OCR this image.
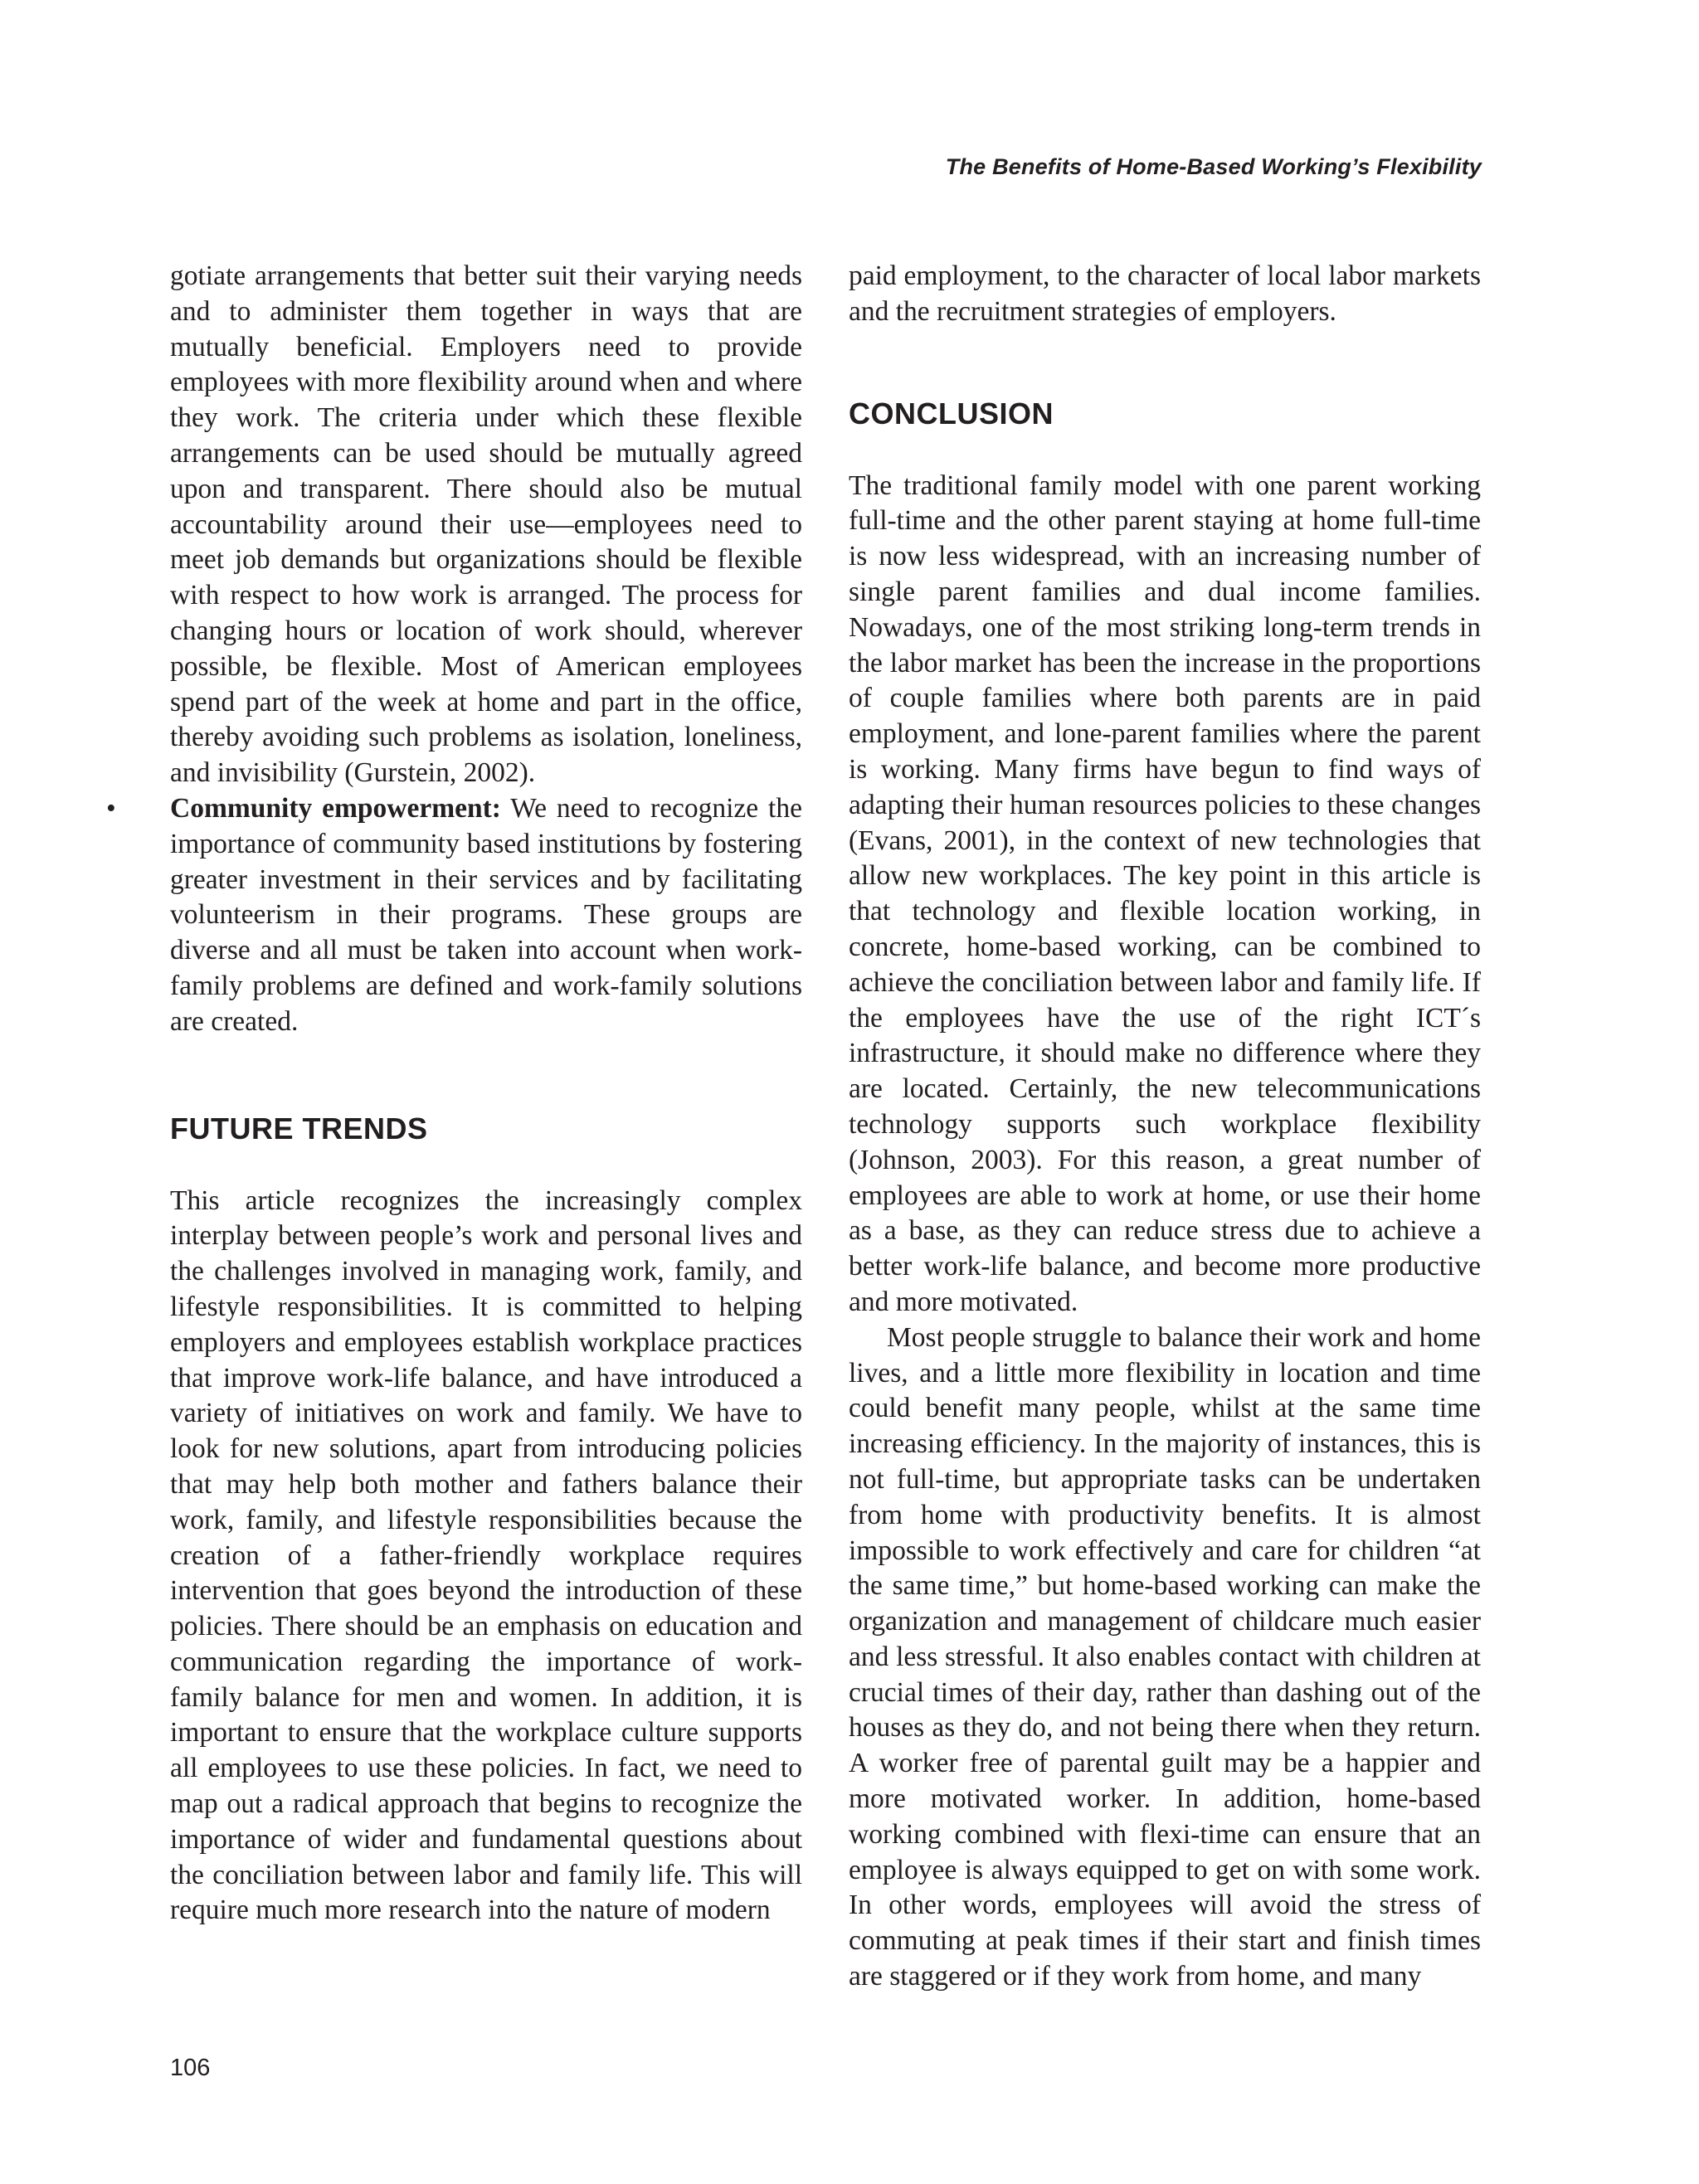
The Benefits of Home-Based Working’s Flexibility

gotiate arrangements that better suit their varying needs and to administer them together in ways that are mutually beneficial. Employers need to provide employees with more flexibility around when and where they work. The criteria under which these flexible arrangements can be used should be mutually agreed upon and transparent. There should also be mutual accountability around their use—employees need to meet job demands but organizations should be flexible with respect to how work is arranged. The process for changing hours or location of work should, wherever possible, be flexible. Most of American employees spend part of the week at home and part in the office, thereby avoiding such problems as isolation, loneliness, and invisibility (Gurstein, 2002).

• Community empowerment: We need to recognize the importance of community based institutions by fostering greater investment in their services and by facilitating volunteerism in their programs. These groups are diverse and all must be taken into account when work-family problems are defined and work-family solutions are created.

FUTURE TRENDS

This article recognizes the increasingly complex interplay between people’s work and personal lives and the challenges involved in managing work, family, and lifestyle responsibilities. It is committed to helping employers and employees establish workplace practices that improve work-life balance, and have introduced a variety of initiatives on work and family. We have to look for new solutions, apart from introducing policies that may help both mother and fathers balance their work, family, and lifestyle responsibilities because the creation of a father-friendly workplace requires intervention that goes beyond the introduction of these policies. There should be an emphasis on education and communication regarding the importance of work-family balance for men and women. In addition, it is important to ensure that the workplace culture supports all employees to use these policies. In fact, we need to map out a radical approach that begins to recognize the importance of wider and fundamental questions about the conciliation between labor and family life. This will require much more research into the nature of modern

paid employment, to the character of local labor markets and the recruitment strategies of employers.

CONCLUSION

The traditional family model with one parent working full-time and the other parent staying at home full-time is now less widespread, with an increasing number of single parent families and dual income families. Nowadays, one of the most striking long-term trends in the labor market has been the increase in the proportions of couple families where both parents are in paid employment, and lone-parent families where the parent is working. Many firms have begun to find ways of adapting their human resources policies to these changes (Evans, 2001), in the context of new technologies that allow new workplaces. The key point in this article is that technology and flexible location working, in concrete, home-based working, can be combined to achieve the conciliation between labor and family life. If the employees have the use of the right ICT´s infrastructure, it should make no difference where they are located. Certainly, the new telecommunications technology supports such workplace flexibility (Johnson, 2003). For this reason, a great number of employees are able to work at home, or use their home as a base, as they can reduce stress due to achieve a better work-life balance, and become more productive and more motivated.

Most people struggle to balance their work and home lives, and a little more flexibility in location and time could benefit many people, whilst at the same time increasing efficiency. In the majority of instances, this is not full-time, but appropriate tasks can be undertaken from home with productivity benefits. It is almost impossible to work effectively and care for children “at the same time,” but home-based working can make the organization and management of childcare much easier and less stressful. It also enables contact with children at crucial times of their day, rather than dashing out of the houses as they do, and not being there when they return. A worker free of parental guilt may be a happier and more motivated worker. In addition, home-based working combined with flexi-time can ensure that an employee is always equipped to get on with some work. In other words, employees will avoid the stress of commuting at peak times if their start and finish times are staggered or if they work from home, and many

106
